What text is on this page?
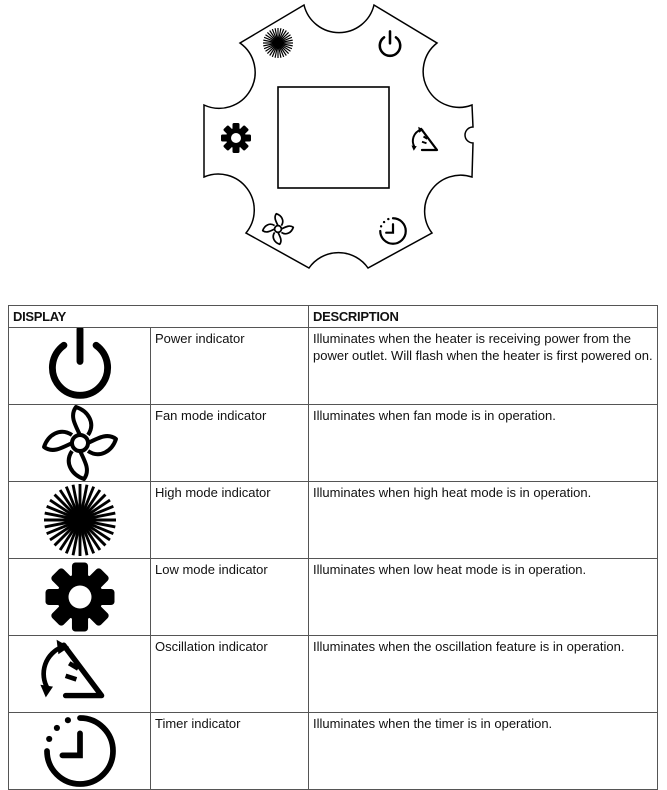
DISPLAY		DESCRIPTION

	Power indicator	Illuminates when the heater is receiving power from the power outlet. Will flash when the heater is first powered on.

	Fan mode indicator	Illuminates when fan mode is in operation.

	High mode indicator	Illuminates when high heat mode is in operation.

	Low mode indicator	Illuminates when low heat mode is in operation.

	Oscillation indicator	Illuminates when the oscillation feature is in operation.

	Timer indicator	Illuminates when the timer is in operation.
